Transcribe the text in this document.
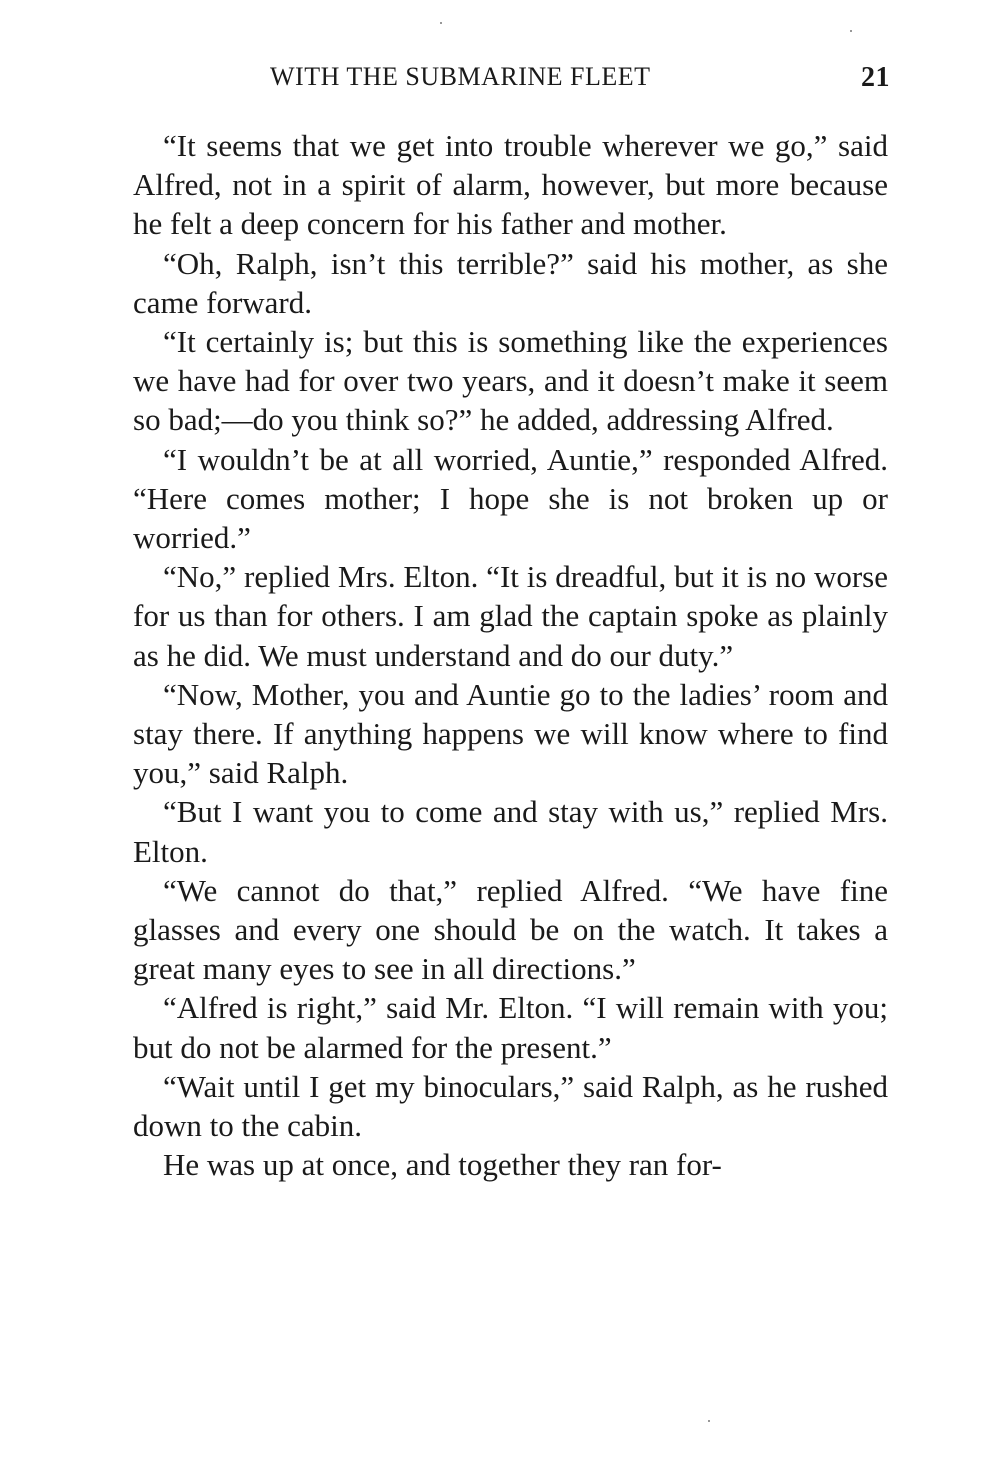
WITH THE SUBMARINE FLEET	21

“It seems that we get into trouble wherever we go,” said Alfred, not in a spirit of alarm, however, but more because he felt a deep concern for his father and mother.

“Oh, Ralph, isn’t this terrible?” said his mother, as she came forward.

“It certainly is; but this is something like the experiences we have had for over two years, and it doesn’t make it seem so bad;—do you think so?” he added, addressing Alfred.

“I wouldn’t be at all worried, Auntie,” responded Alfred. “Here comes mother; I hope she is not broken up or worried.”

“No,” replied Mrs. Elton. “It is dreadful, but it is no worse for us than for others. I am glad the captain spoke as plainly as he did. We must understand and do our duty.”

“Now, Mother, you and Auntie go to the ladies’ room and stay there. If anything happens we will know where to find you,” said Ralph.

“But I want you to come and stay with us,” replied Mrs. Elton.

“We cannot do that,” replied Alfred. “We have fine glasses and every one should be on the watch. It takes a great many eyes to see in all directions.”

“Alfred is right,” said Mr. Elton. “I will remain with you; but do not be alarmed for the present.”

“Wait until I get my binoculars,” said Ralph, as he rushed down to the cabin.

He was up at once, and together they ran for-
